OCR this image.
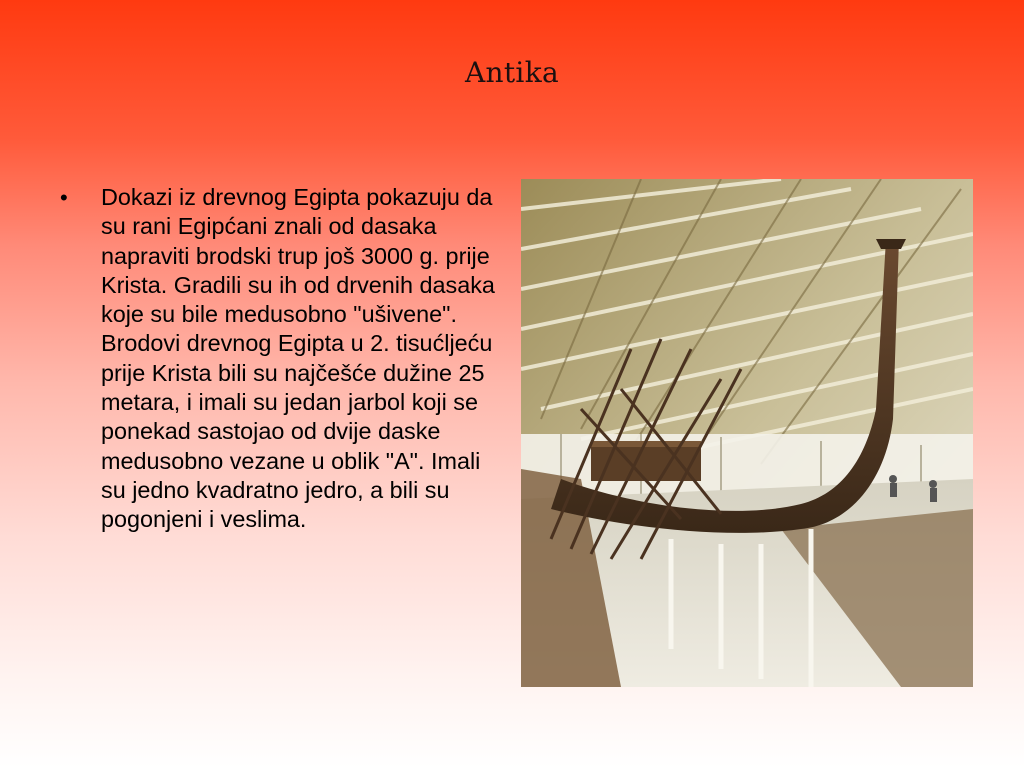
Antika
• Dokazi iz drevnog Egipta pokazuju da su rani Egipćani znali od dasaka napraviti brodski trup još 3000 g. prije Krista. Gradili su ih od drvenih dasaka koje su bile medusobno "ušivene". Brodovi drevnog Egipta u 2. tisućljeću prije Krista bili su najčešće dužine 25 metara, i imali su jedan jarbol koji se ponekad sastojao od dvije daske medusobno vezane u oblik "A". Imali su jedno kvadratno jedro, a bili su pogonjeni i veslima.
